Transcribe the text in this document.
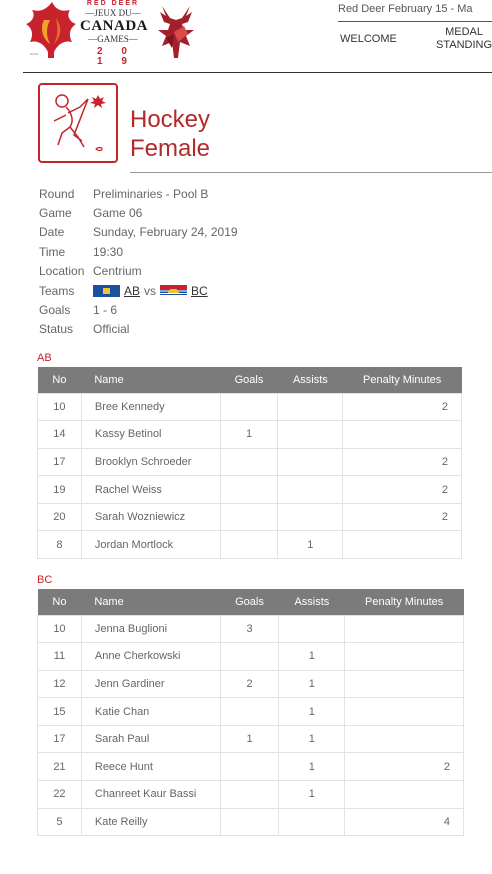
RED DEER
—JEUX DU—
CANADA
—GAMES—
2 0 1 9
NAMC
Red Deer February 15 - Ma
WELCOME
MEDAL
STANDING
Hockey
Female
Round	Preliminaries - Pool B
Game	Game 06
Date	Sunday, February 24, 2019
Time	19:30
Location Centrium
Teams	AB vs	BC
Goals	1 - 6
Status	Official
AB
No	Name	Goals	Assists	Penalty Minutes
10	Bree Kennedy			2
14	Kassy Betinol	1		
17	Brooklyn Schroeder			2
19	Rachel Weiss			2
20	Sarah Wozniewicz			2
8	Jordan Mortlock		1	
BC
No	Name	Goals	Assists	Penalty Minutes
10	Jenna Buglioni	3		
11	Anne Cherkowski		1	
12	Jenn Gardiner	2	1	
15	Katie Chan		1	
17	Sarah Paul	1	1	
21	Reece Hunt		1	2
22	Chanreet Kaur Bassi		1	
5	Kate Reilly			4
